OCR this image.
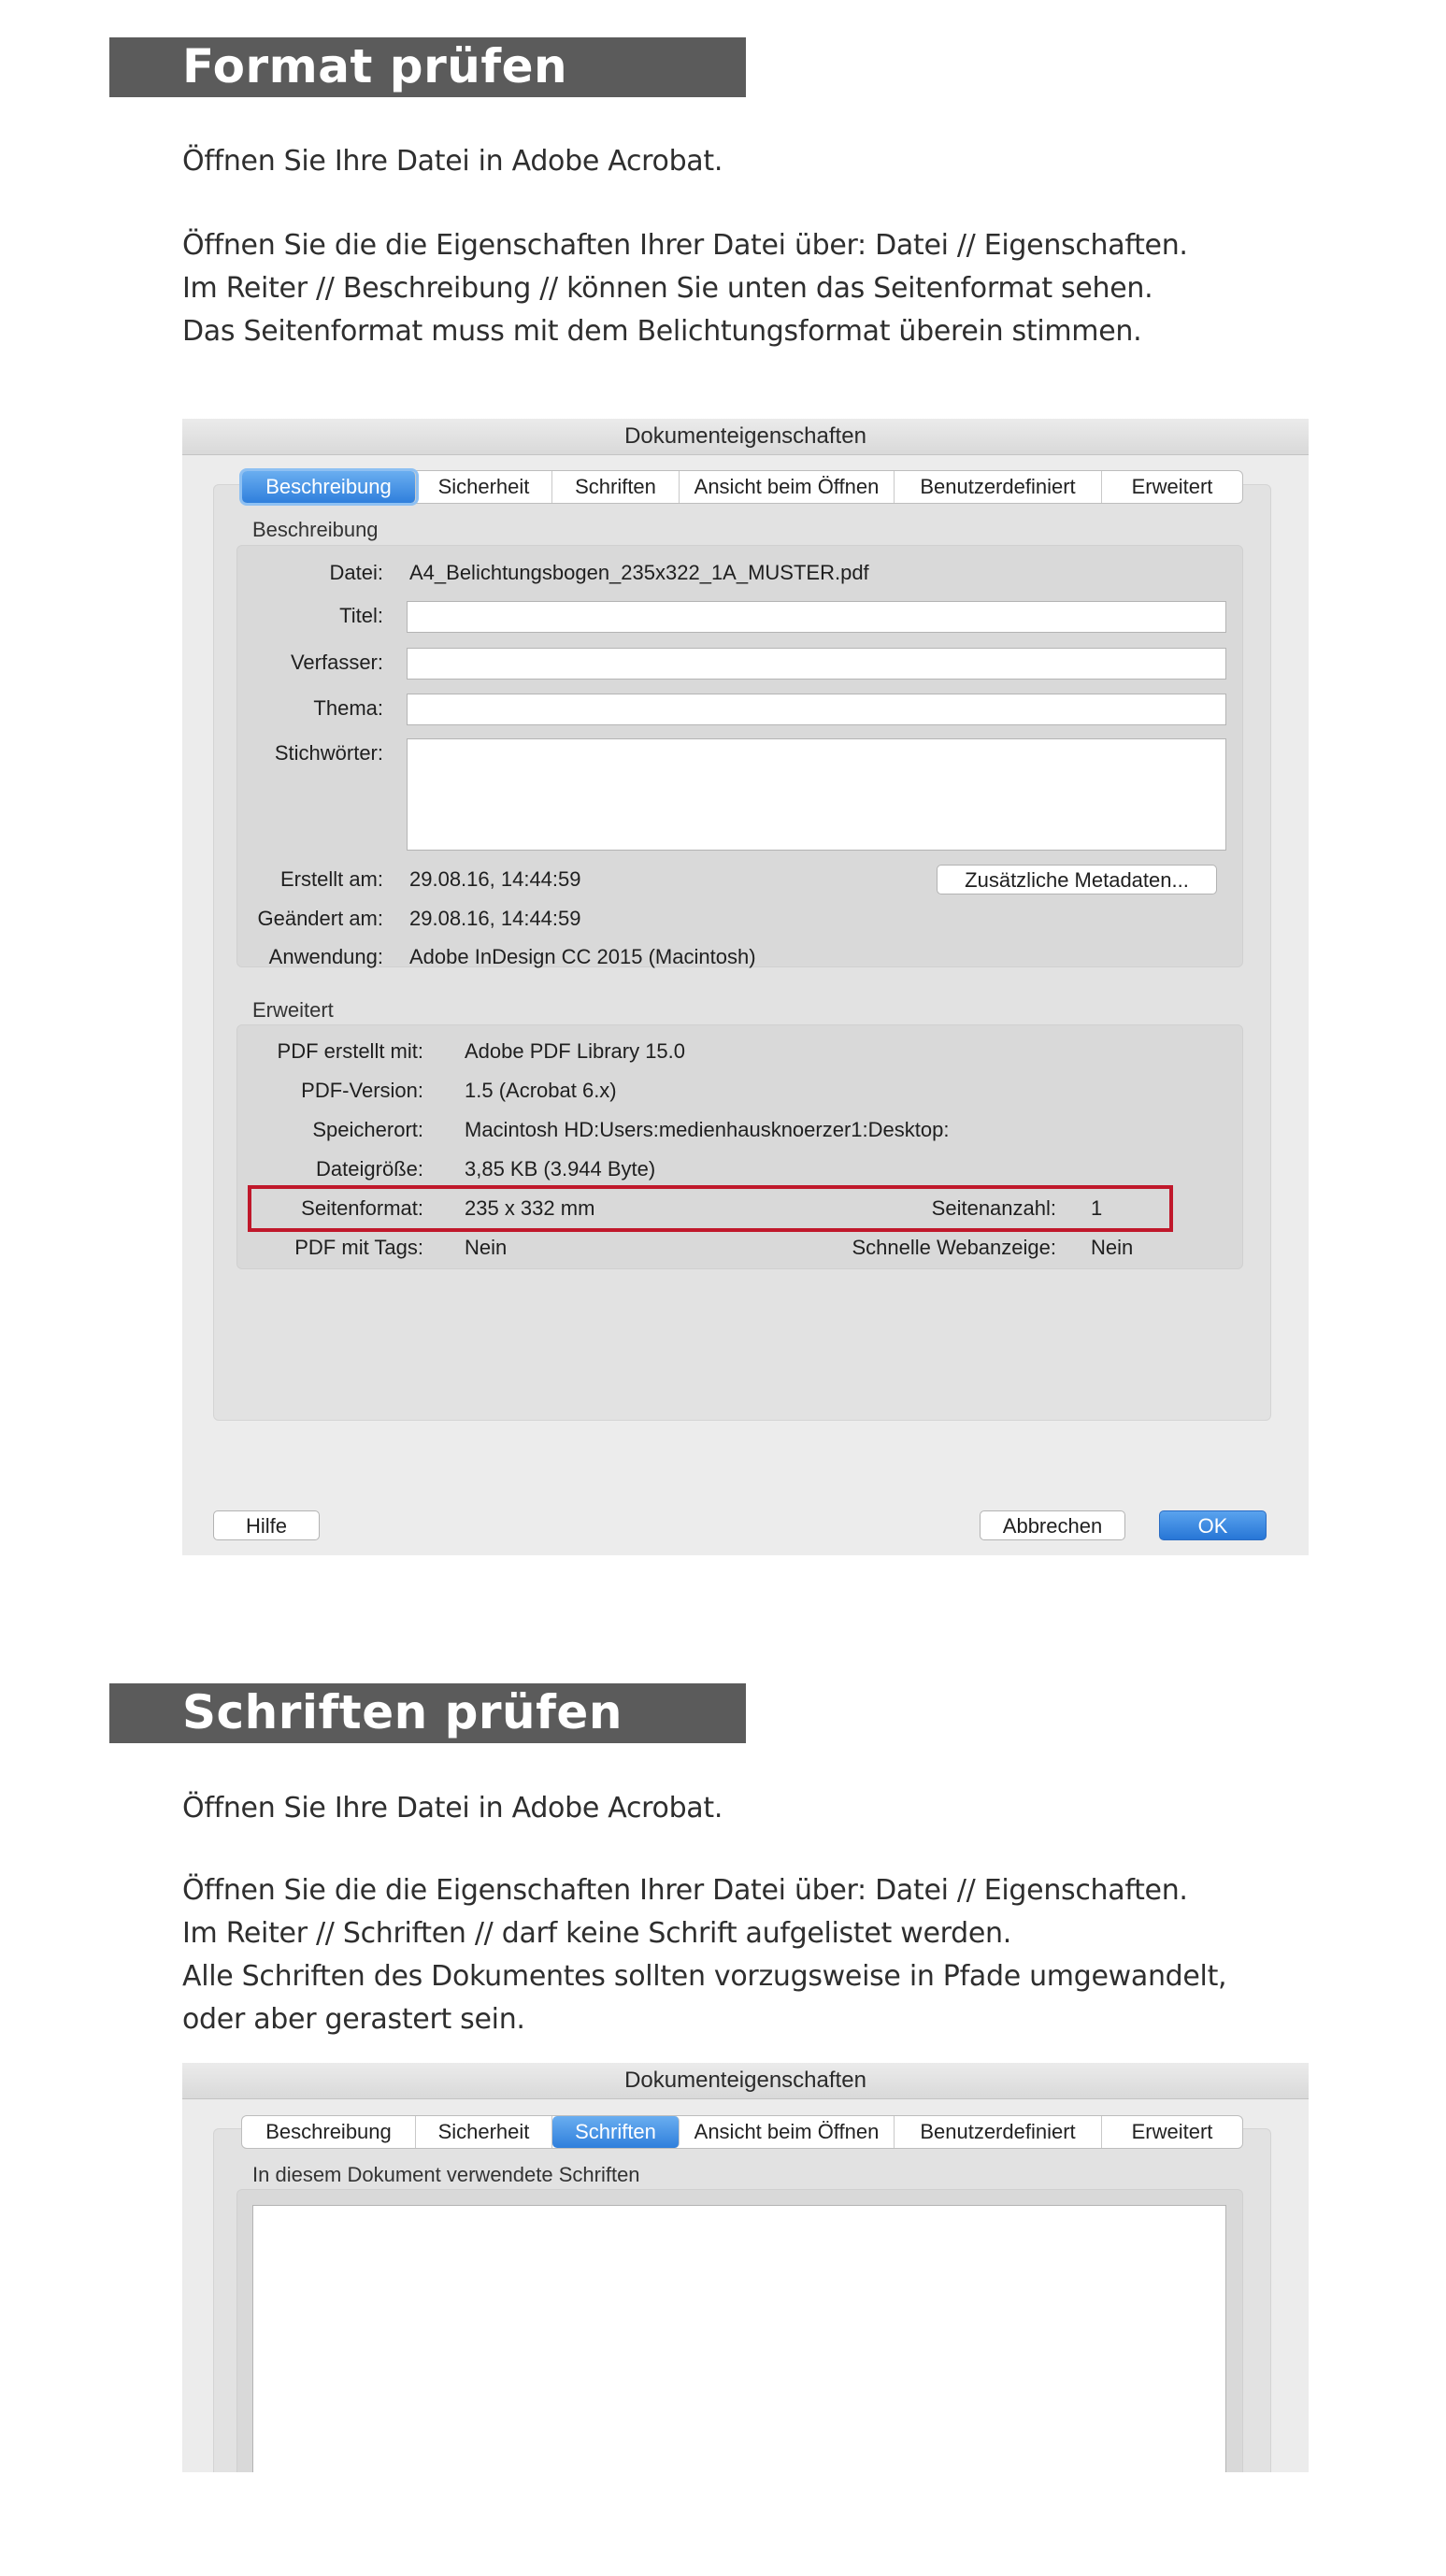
Format prüfen
Öffnen Sie Ihre Datei in Adobe Acrobat.
Öffnen Sie die die Eigenschaften Ihrer Datei über: Datei // Eigenschaften.
Im Reiter // Beschreibung // können Sie unten das Seitenformat sehen.
Das Seitenformat muss mit dem Belichtungsformat überein stimmen.
Dokumenteigenschaften
Beschreibung	Sicherheit	Schriften	Ansicht beim Öffnen	Benutzerdefiniert	Erweitert
Beschreibung
Datei: A4_Belichtungsbogen_235x322_1A_MUSTER.pdf
Titel:
Verfasser:
Thema:
Stichwörter:
Erstellt am: 29.08.16, 14:44:59	Zusätzliche Metadaten...
Geändert am: 29.08.16, 14:44:59
Anwendung: Adobe InDesign CC 2015 (Macintosh)
Erweitert
PDF erstellt mit: Adobe PDF Library 15.0
PDF-Version: 1.5 (Acrobat 6.x)
Speicherort: Macintosh HD:Users:medienhausknoerzer1:Desktop:
Dateigröße: 3,85 KB (3.944 Byte)
Seitenformat: 235 x 332 mm	Seitenanzahl: 1
PDF mit Tags: Nein	Schnelle Webanzeige: Nein
Hilfe	Abbrechen	OK
Schriften prüfen
Öffnen Sie Ihre Datei in Adobe Acrobat.
Öffnen Sie die die Eigenschaften Ihrer Datei über: Datei // Eigenschaften.
Im Reiter // Schriften // darf keine Schrift aufgelistet werden.
Alle Schriften des Dokumentes sollten vorzugsweise in Pfade umgewandelt,
oder aber gerastert sein.
Dokumenteigenschaften
Beschreibung	Sicherheit	Schriften	Ansicht beim Öffnen	Benutzerdefiniert	Erweitert
In diesem Dokument verwendete Schriften
